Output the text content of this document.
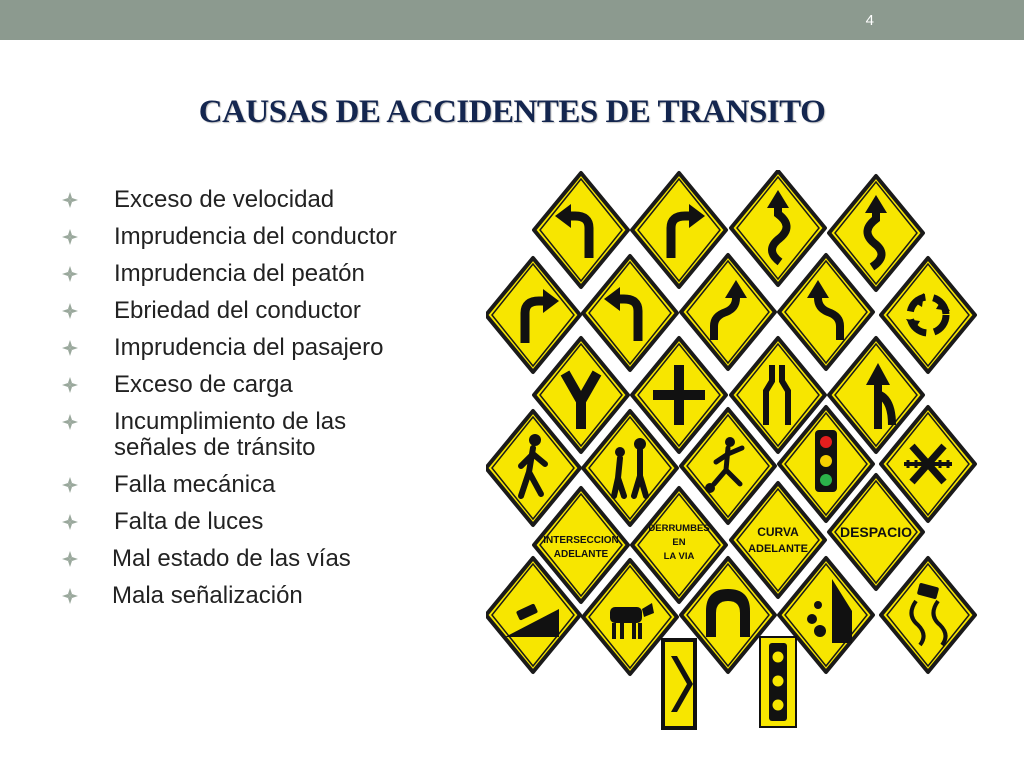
4
CAUSAS DE ACCIDENTES DE TRANSITO
Exceso de velocidad
Imprudencia del conductor
Imprudencia del peatón
Ebriedad del conductor
Imprudencia del pasajero
Exceso de carga
Incumplimiento de las señales de tránsito
Falla mecánica
Falta de luces
Mal estado de las vías
Mala señalización
INTERSECCION
ADELANTE
DERRUMBES
EN
LA VIA
CURVA
ADELANTE
DESPACIO
